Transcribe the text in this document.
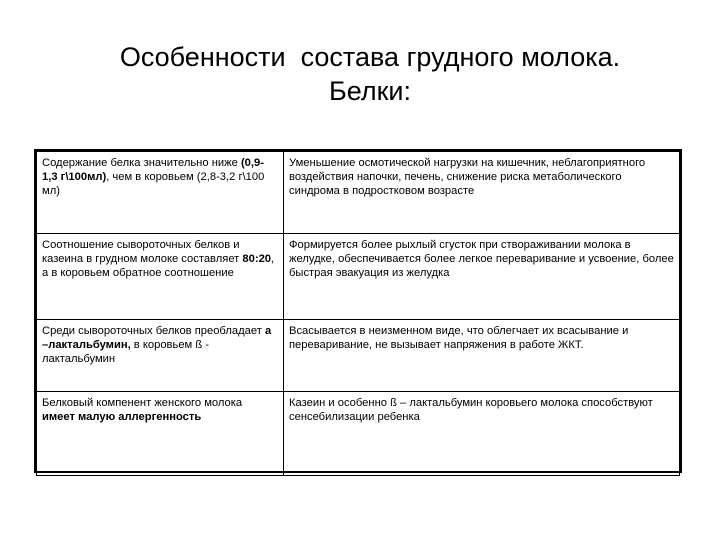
Особенности  состава грудного молока.
Белки:
Содержание белка значительно ниже (0,9-1,3 г\100мл), чем в коровьем (2,8-3,2 г\100 мл)	Уменьшение осмотической нагрузки на кишечник, неблагоприятного воздействия напочки, печень, снижение риска метаболического синдрома в подростковом возрасте
Соотношение сывороточных белков и казеина в грудном молоке составляет 80:20, а в коровьем обратное соотношение	Формируется более рыхлый сгусток при створаживании молока в желудке, обеспечивается более легкое переваривание и усвоение, более быстрая эвакуация из желудка
Среди сывороточных белков преобладает а –лактальбумин, в коровьем ß - лактальбумин	Всасывается в неизменном виде, что облегчает их всасывание и переваривание, не вызывает напряжения в работе ЖКТ.
Белковый компенент женского молока имеет малую аллергенность	Казеин и особенно ß – лактальбумин коровьего молока способствуют сенсебилизации ребенка
